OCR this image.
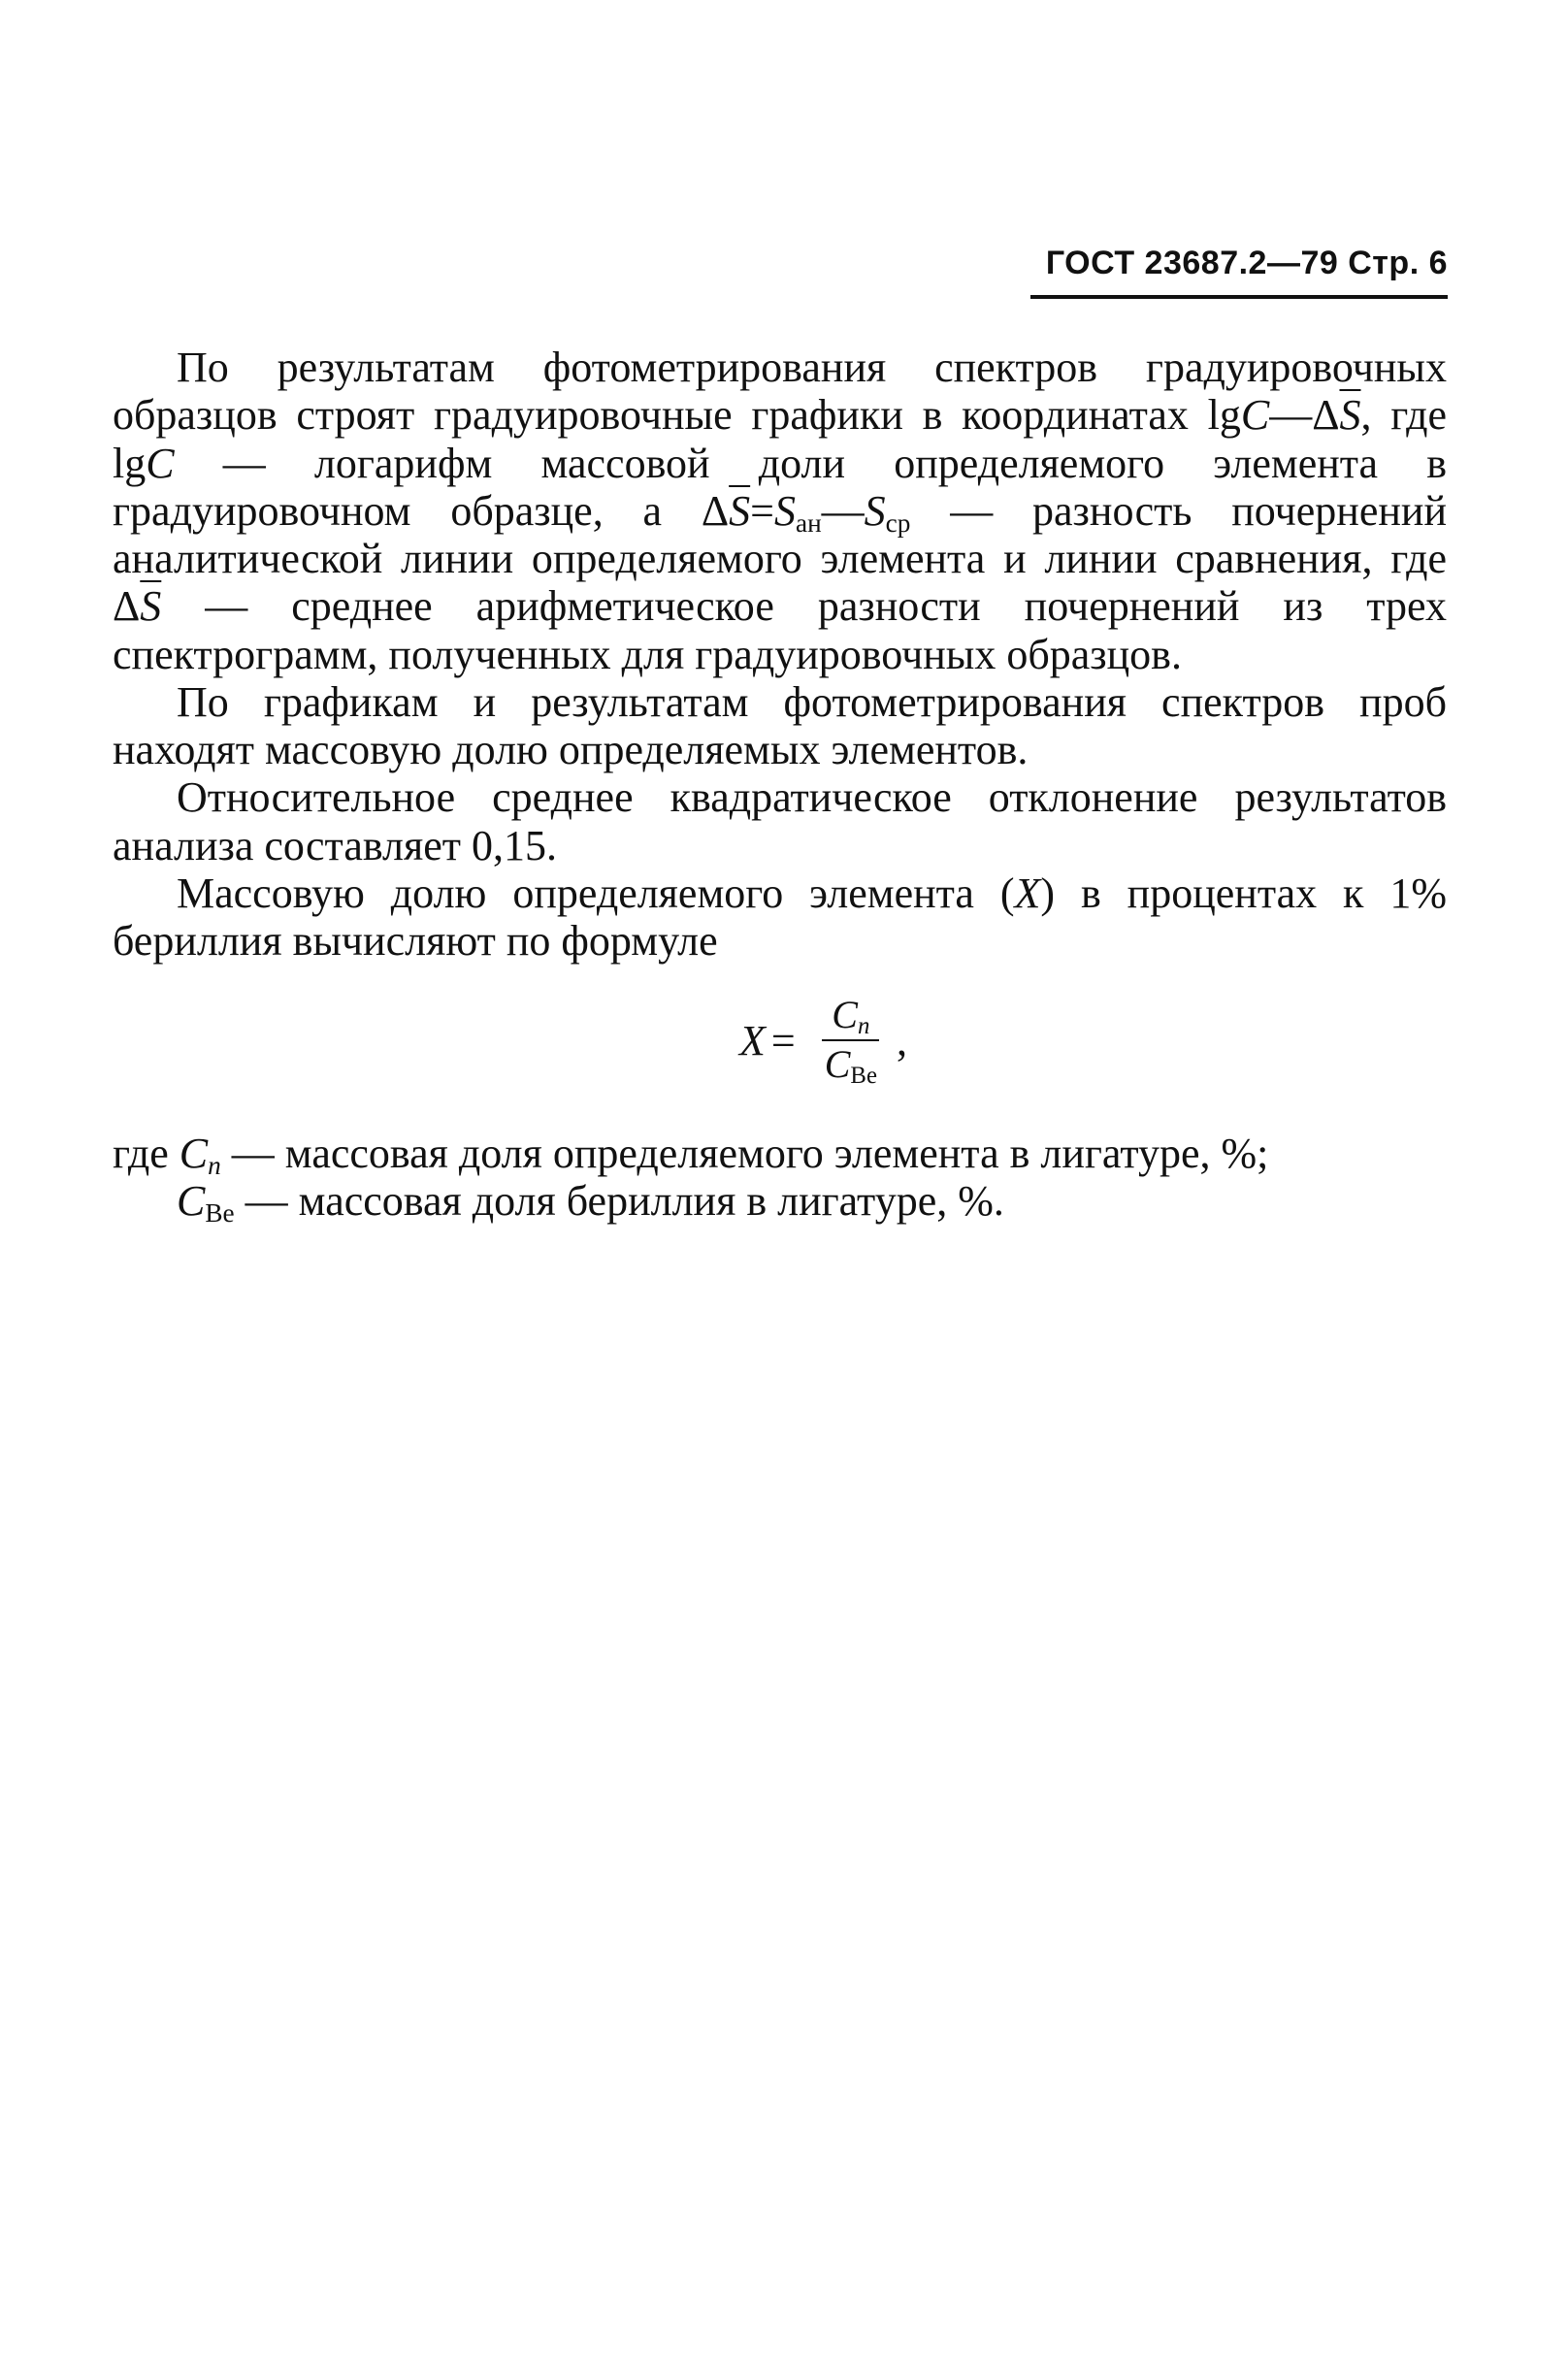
ГОСТ 23687.2—79 Стр. 6

По результатам фотометрирования спектров градуировочных образцов строят градуировочные графики в координатах $\lg C—\Delta\overline{S}$, где lgC — логарифм массовой доли определяемого элемента в градуировочном образце, а $\Delta\overline{S}=S_{ан}—S_{ср}$ — разность почернений аналитической линии определяемого элемента и линии сравнения, где $\Delta\overline{S}$ — среднее арифметическое разности почернений из трех спектрограмм, полученных для градуировочных образцов.

По графикам и результатам фотометрирования спектров проб находят массовую долю определяемых элементов.

Относительное среднее квадратическое отклонение результатов анализа составляет 0,15.

Массовую долю определяемого элемента (X) в процентах к 1% бериллия вычисляют по формуле

$X = \frac{C_n}{C_{Be}}$ ,

где $C_n$ — массовая доля определяемого элемента в лигатуре, %;

$C_{Be}$ — массовая доля бериллия в лигатуре, %.
